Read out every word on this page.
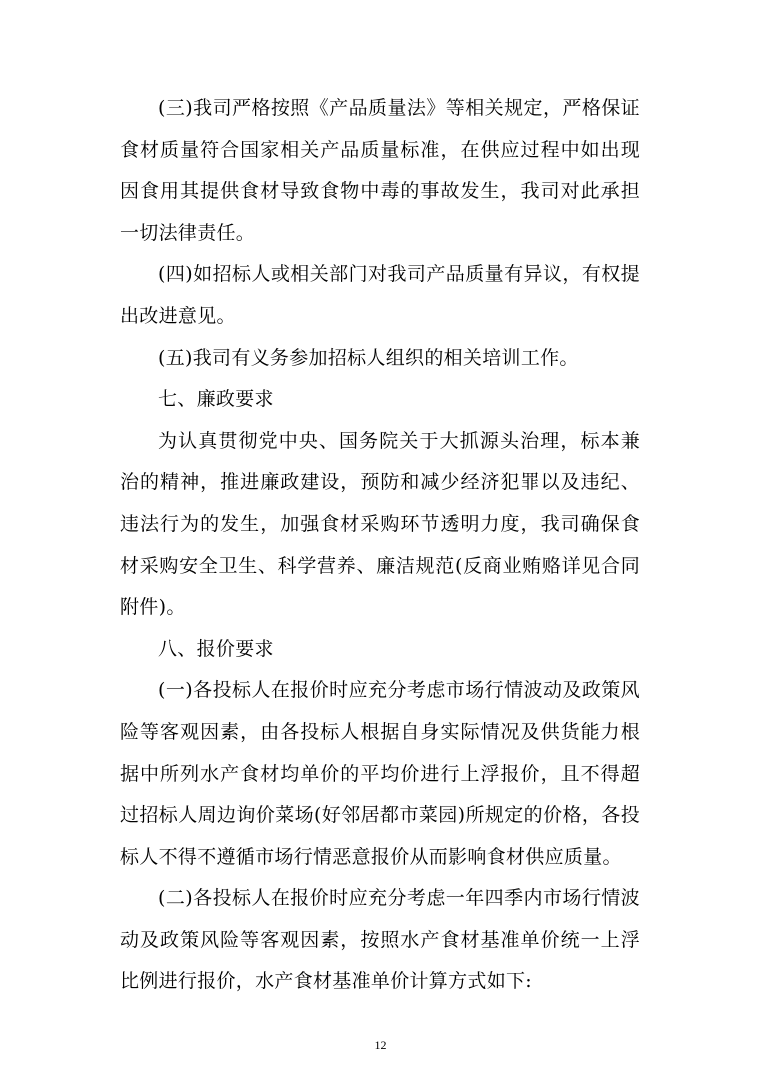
(三)我司严格按照《产品质量法》等相关规定，严格保证食材质量符合国家相关产品质量标准，在供应过程中如出现因食用其提供食材导致食物中毒的事故发生，我司对此承担一切法律责任。

(四)如招标人或相关部门对我司产品质量有异议，有权提出改进意见。

(五)我司有义务参加招标人组织的相关培训工作。

七、廉政要求

为认真贯彻党中央、国务院关于大抓源头治理，标本兼治的精神，推进廉政建设，预防和减少经济犯罪以及违纪、违法行为的发生，加强食材采购环节透明力度，我司确保食材采购安全卫生、科学营养、廉洁规范(反商业贿赂详见合同附件)。

八、报价要求

(一)各投标人在报价时应充分考虑市场行情波动及政策风险等客观因素，由各投标人根据自身实际情况及供货能力根据中所列水产食材均单价的平均价进行上浮报价，且不得超过招标人周边询价菜场(好邻居都市菜园)所规定的价格，各投标人不得不遵循市场行情恶意报价从而影响食材供应质量。

(二)各投标人在报价时应充分考虑一年四季内市场行情波动及政策风险等客观因素，按照水产食材基准单价统一上浮比例进行报价，水产食材基准单价计算方式如下:

12
